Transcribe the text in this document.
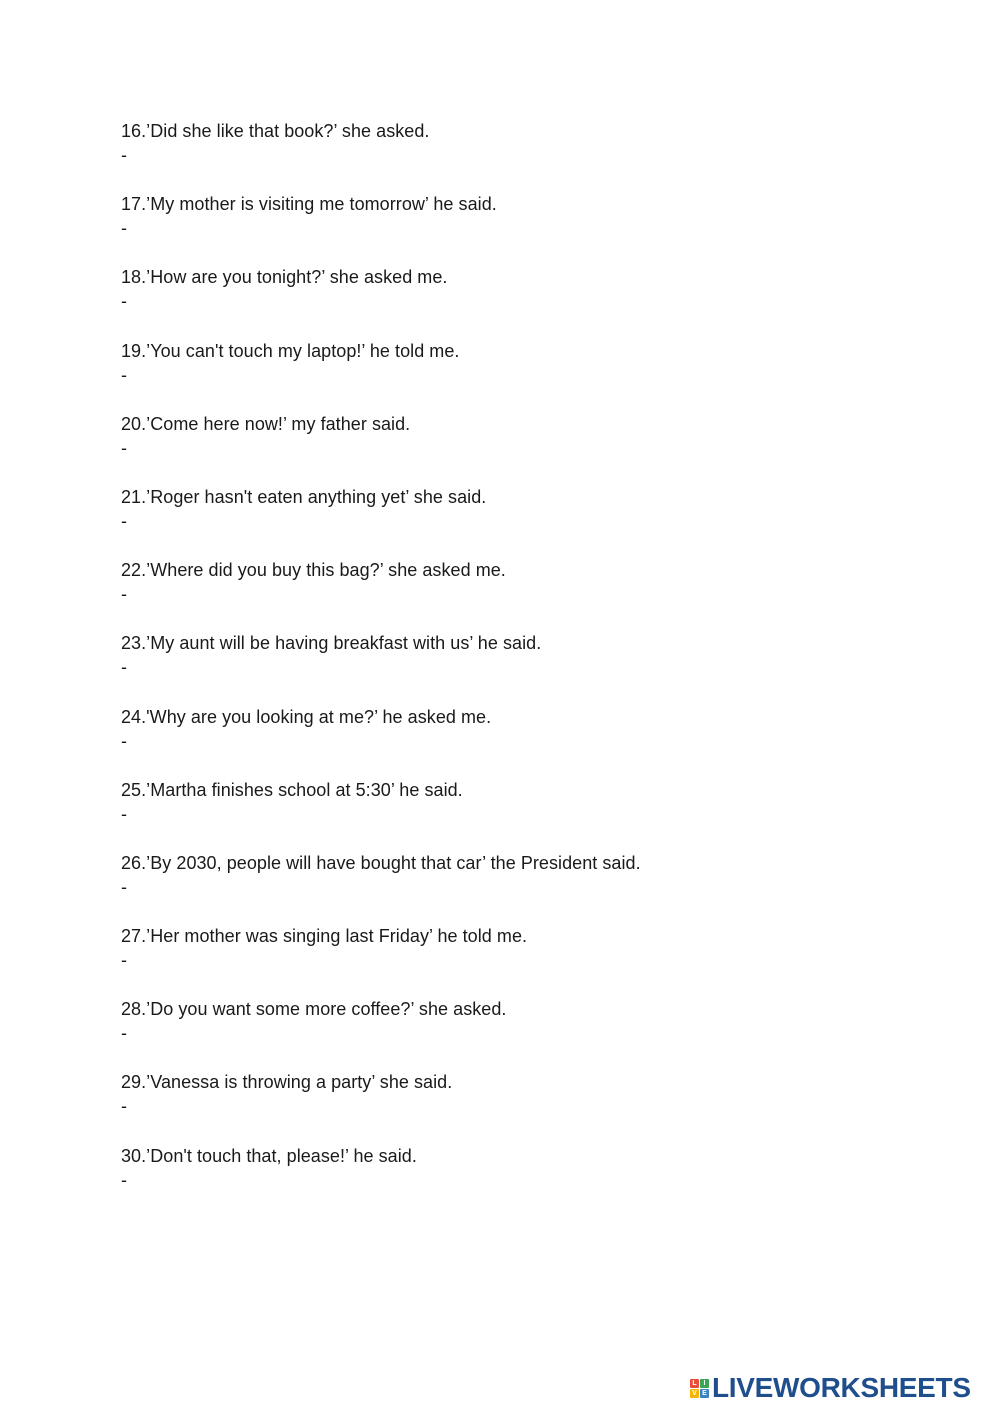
16.’Did she like that book?’ she asked.
-
17.’My mother is visiting me tomorrow’ he said.
-
18.’How are you tonight?’ she asked me.
-
19.’You can't touch my laptop!’ he told me.
-
20.’Come here now!’ my father said.
-
21.’Roger hasn't eaten anything yet’ she said.
-
22.’Where did you buy this bag?’ she asked me.
-
23.’My aunt will be having breakfast with us’ he said.
-
24.'Why are you looking at me?’ he asked me.
-
25.’Martha finishes school at 5:30’ he said.
-
26.’By 2030, people will have bought that car’ the President said.
-
27.’Her mother was singing last Friday’ he told me.
-
28.’Do you want some more coffee?’ she asked.
-
29.’Vanessa is throwing a party’ she said.
-
30.’Don't touch that, please!’ he said.
-
L I
V E LIVEWORKSHEETS
